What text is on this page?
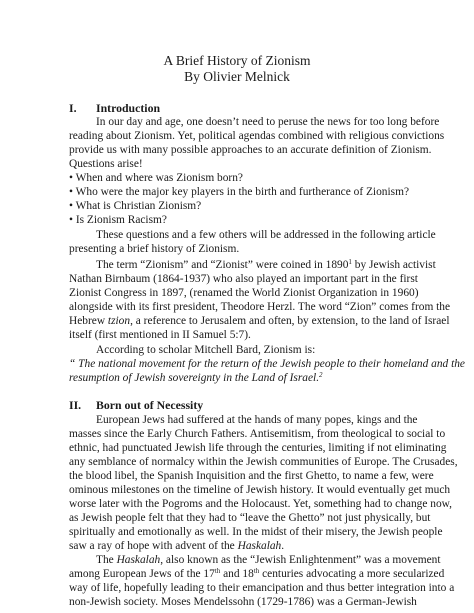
A Brief History of Zionism
By Olivier Melnick
I. Introduction
In our day and age, one doesn’t need to peruse the news for too long before
reading about Zionism. Yet, political agendas combined with religious convictions
provide us with many possible approaches to an accurate definition of Zionism.
Questions arise!
• When and where was Zionism born?
• Who were the major key players in the birth and furtherance of Zionism?
• What is Christian Zionism?
• Is Zionism Racism?
These questions and a few others will be addressed in the following article
presenting a brief history of Zionism.
The term “Zionism” and “Zionist” were coined in 1890$^1$ by Jewish activist
Nathan Birnbaum (1864-1937) who also played an important part in the first
Zionist Congress in 1897, (renamed the World Zionist Organization in 1960)
alongside with its first president, Theodore Herzl. The word “Zion” comes from the
Hebrew tzion, a reference to Jerusalem and often, by extension, to the land of Israel
itself (first mentioned in II Samuel 5:7).
According to scholar Mitchell Bard, Zionism is:
“ The national movement for the return of the Jewish people to their homeland and the
resumption of Jewish sovereignty in the Land of Israel.$^2$
II. Born out of Necessity
European Jews had suffered at the hands of many popes, kings and the
masses since the Early Church Fathers. Antisemitism, from theological to social to
ethnic, had punctuated Jewish life through the centuries, limiting if not eliminating
any semblance of normalcy within the Jewish communities of Europe. The Crusades,
the blood libel, the Spanish Inquisition and the first Ghetto, to name a few, were
ominous milestones on the timeline of Jewish history. It would eventually get much
worse later with the Pogroms and the Holocaust. Yet, something had to change now,
as Jewish people felt that they had to “leave the Ghetto” not just physically, but
spiritually and emotionally as well. In the midst of their misery, the Jewish people
saw a ray of hope with advent of the Haskalah.
The Haskalah, also known as the “Jewish Enlightenment” was a movement
among European Jews of the 17th and 18th centuries advocating a more secularized
way of life, hopefully leading to their emancipation and thus better integration into a
non-Jewish society. Moses Mendelssohn (1729-1786) was a German-Jewish
